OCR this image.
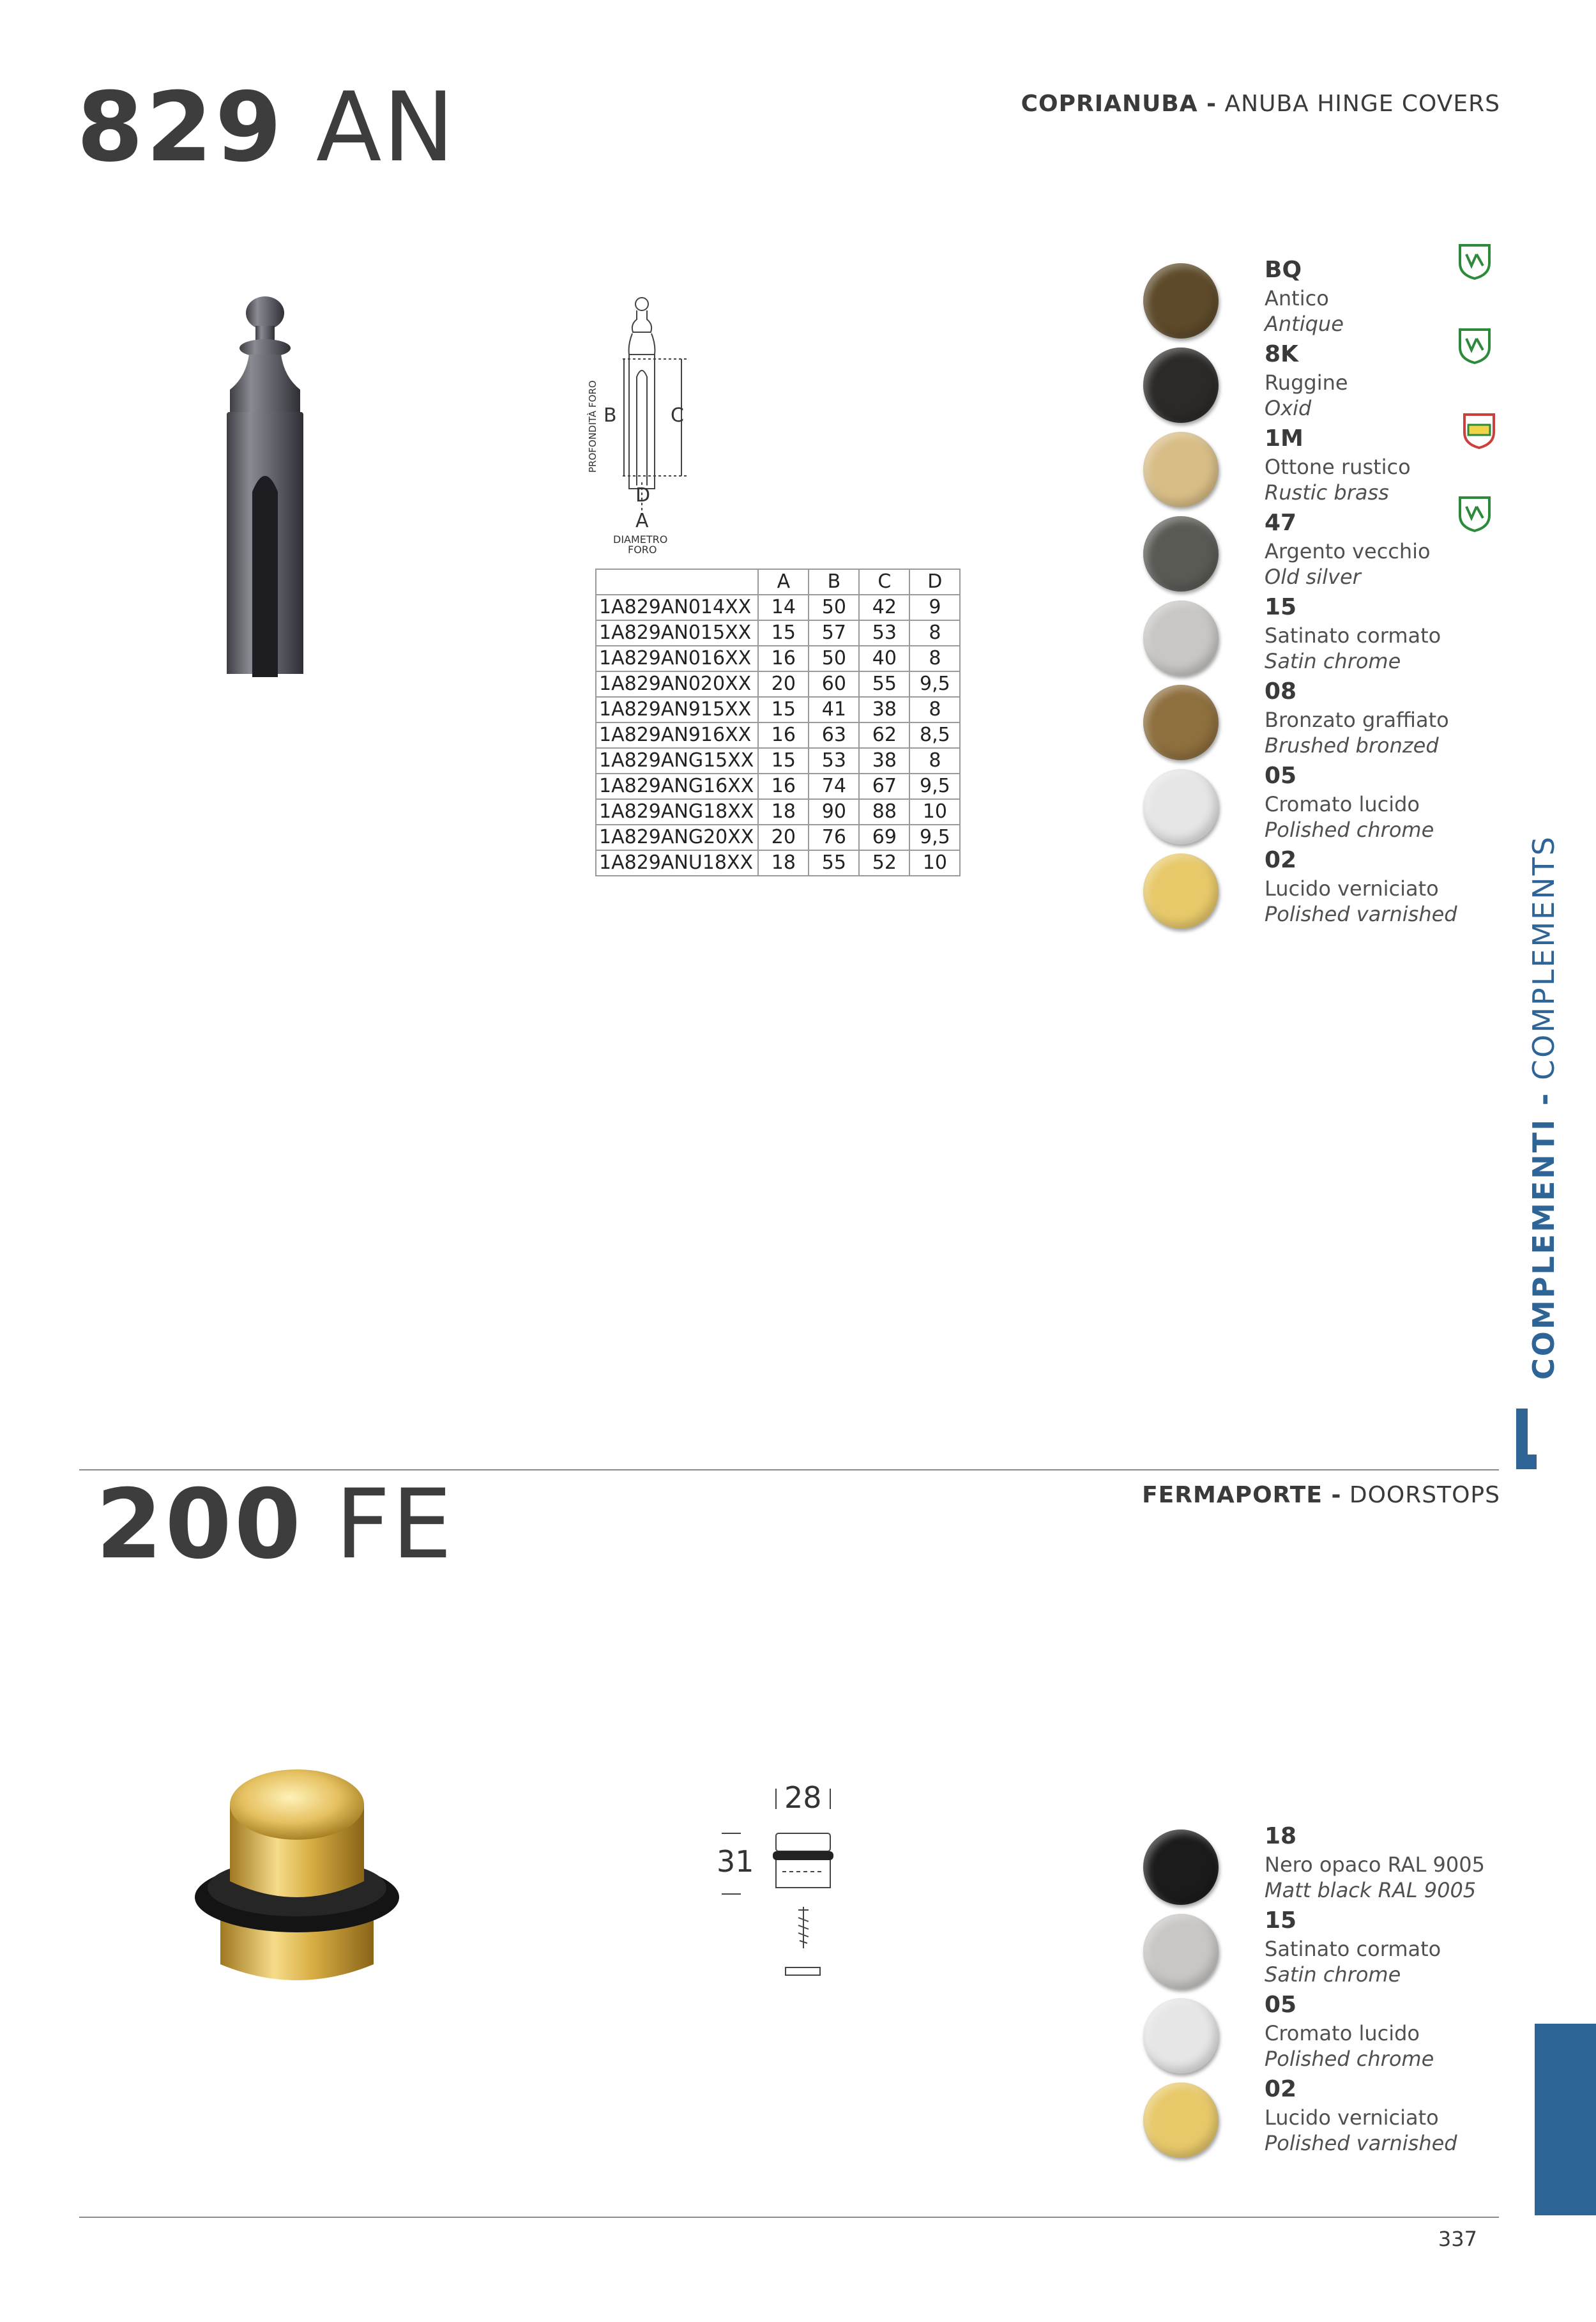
829 AN	COPRIANUBA - ANUBA HINGE COVERS
PROFONDITÀ FORO B	C
D
A
DIAMETRO
FORO
	A	B	C	D
1A829AN014XX	14	50	42	9
1A829AN015XX	15	57	53	8
1A829AN016XX	16	50	40	8
1A829AN020XX	20	60	55	9,5
1A829AN915XX	15	41	38	8
1A829AN916XX	16	63	62	8,5
1A829ANG15XX	15	53	38	8
1A829ANG16XX	16	74	67	9,5
1A829ANG18XX	18	90	88	10
1A829ANG20XX	20	76	69	9,5
1A829ANU18XX	18	55	52	10
BQ
Antico
Antique
8K
Ruggine
Oxid
1M
Ottone rustico
Rustic brass
47
Argento vecchio
Old silver
15
Satinato cormato
Satin chrome
08
Bronzato graffiato
Brushed bronzed
05
Cromato lucido
Polished chrome
02
Lucido verniciato
Polished varnished
COMPLEMENTI - COMPLEMENTS
200 FE	FERMAPORTE - DOORSTOPS
28
31
18
Nero opaco RAL 9005
Matt black RAL 9005
15
Satinato cormato
Satin chrome
05
Cromato lucido
Polished chrome
02
Lucido verniciato
Polished varnished
337
